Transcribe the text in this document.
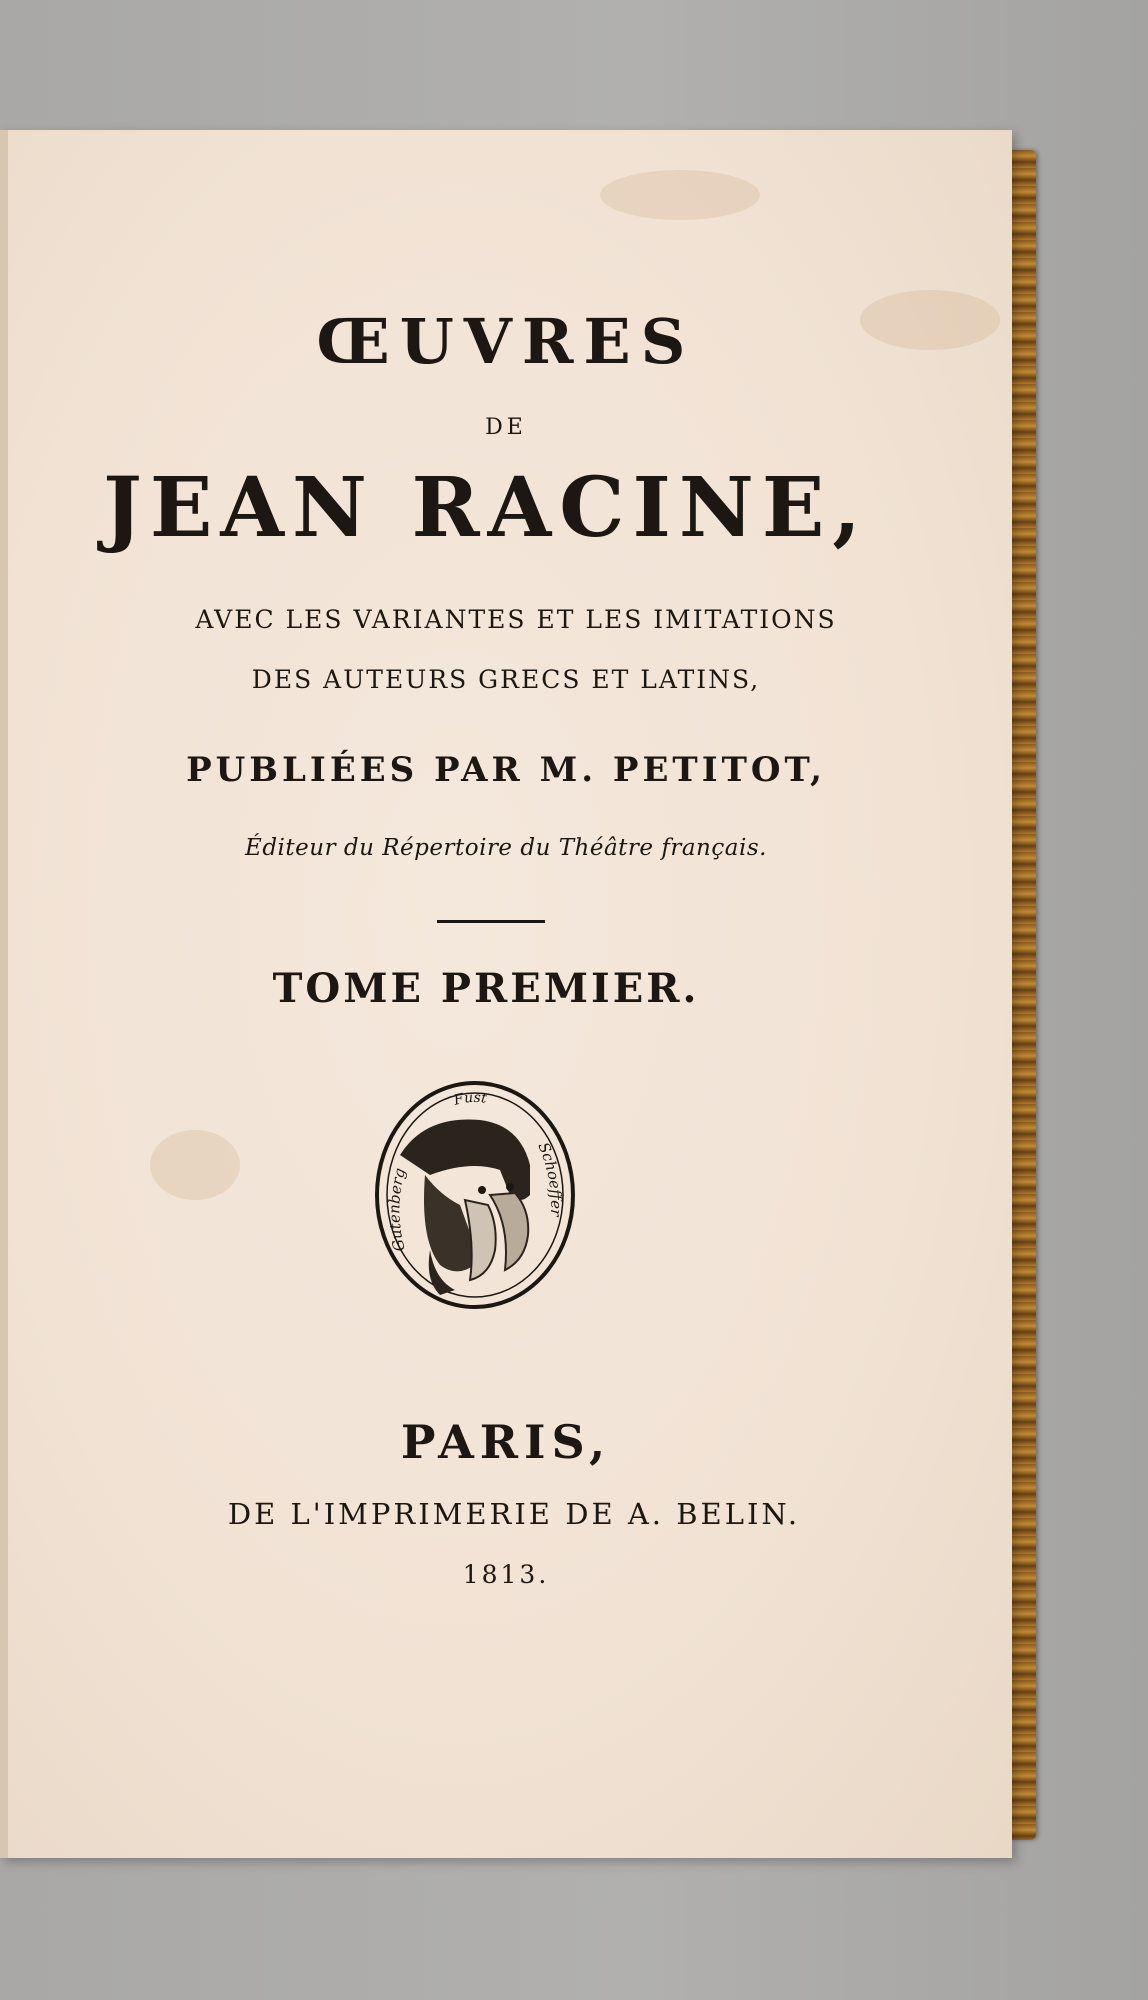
ŒUVRES
DE
JEAN RACINE,
AVEC LES VARIANTES ET LES IMITATIONS
DES AUTEURS GRECS ET LATINS,
PUBLIÉES PAR M. PETITOT,
Éditeur du Répertoire du Théâtre français.
TOME PREMIER.
Gutenberg
Fust
Schoeffer
PARIS,
DE L'IMPRIMERIE DE A. BELIN.
1813.
